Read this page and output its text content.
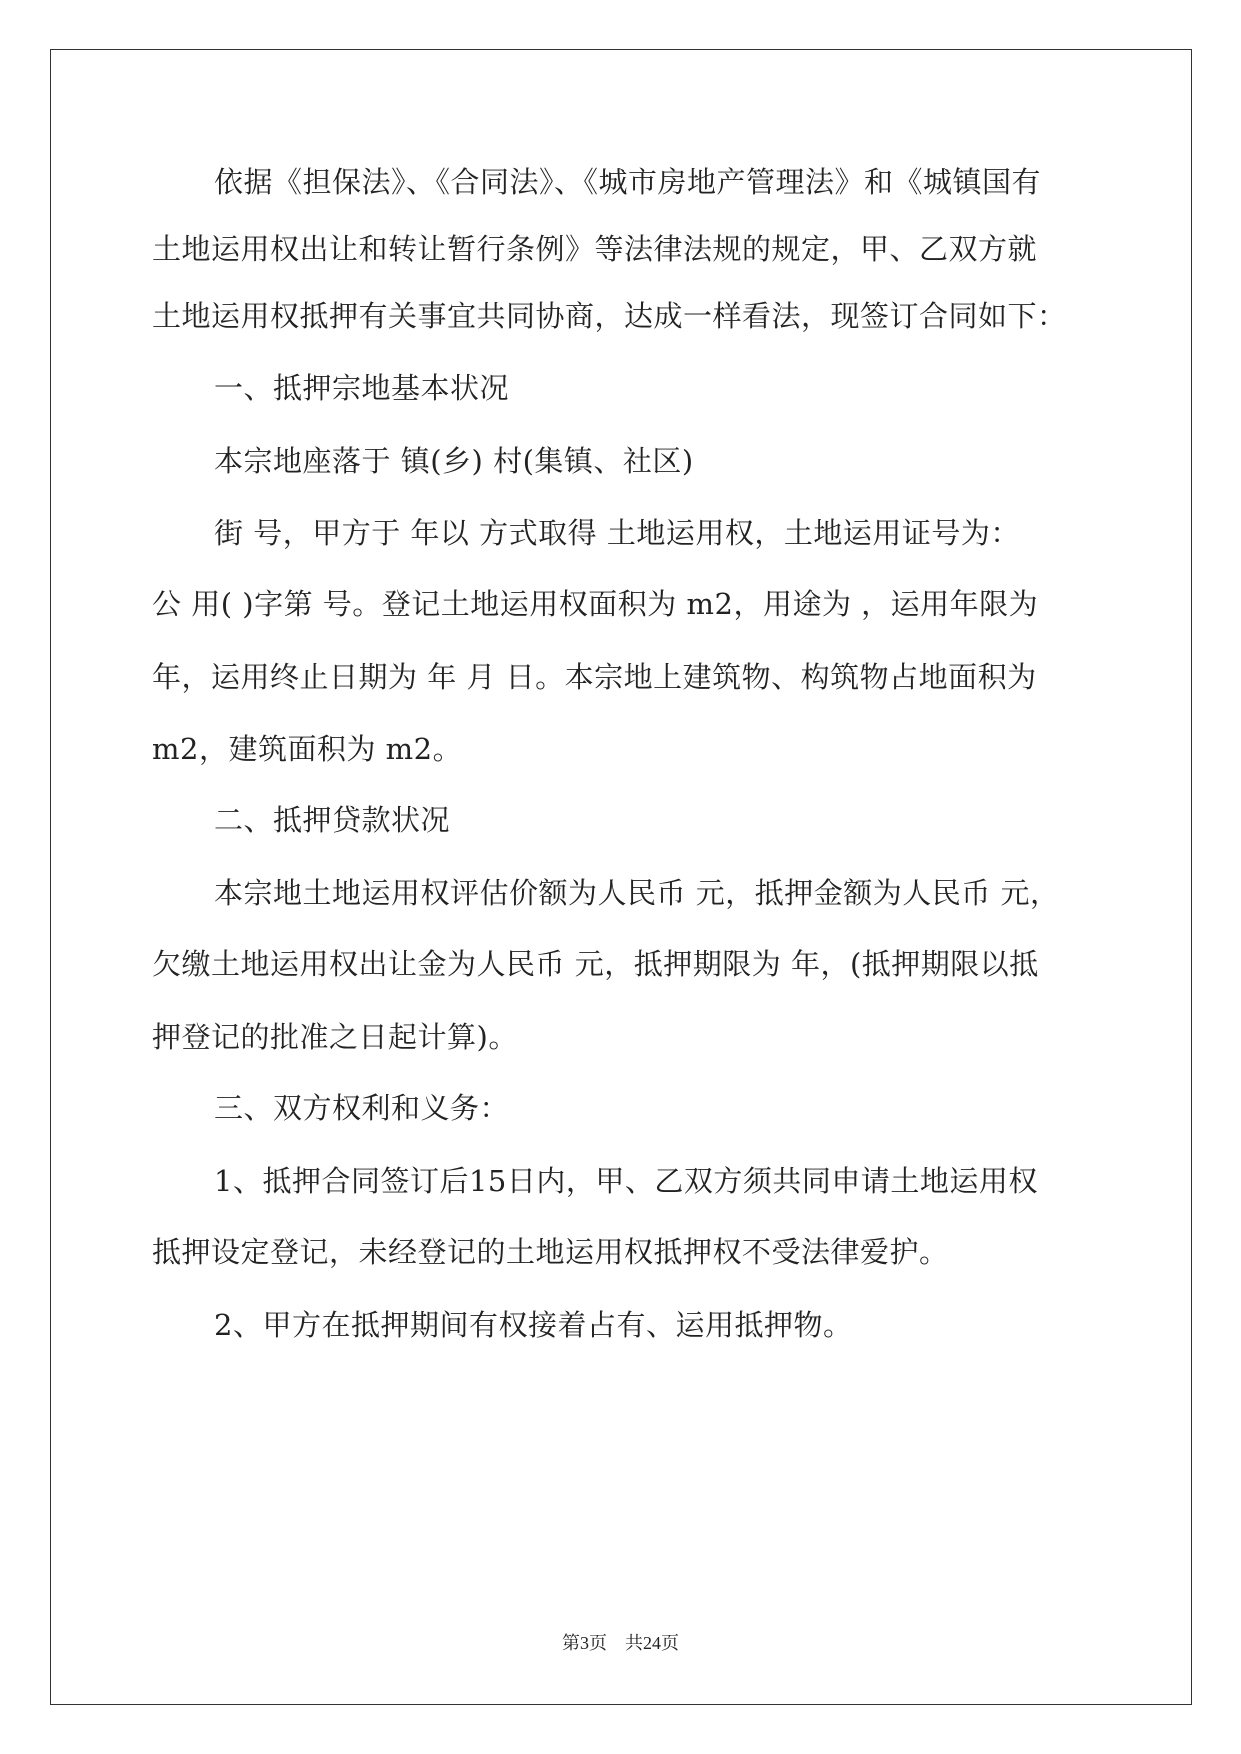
依据《担保法》、《合同法》、《城市房地产管理法》和《城镇国有
土地运用权出让和转让暂行条例》等法律法规的规定，甲、乙双方就
土地运用权抵押有关事宜共同协商，达成一样看法，现签订合同如下：
一、抵押宗地基本状况
本宗地座落于 镇(乡) 村(集镇、社区)
街 号，甲方于 年以 方式取得 土地运用权，土地运用证号为：
公 用( )字第 号。登记土地运用权面积为 m2，用途为 ，运用年限为
年，运用终止日期为 年 月 日。本宗地上建筑物、构筑物占地面积为
m2，建筑面积为 m2。
二、抵押贷款状况
本宗地土地运用权评估价额为人民币 元，抵押金额为人民币 元，
欠缴土地运用权出让金为人民币 元，抵押期限为 年，(抵押期限以抵
押登记的批准之日起计算)。
三、双方权利和义务：
1、抵押合同签订后15日内，甲、乙双方须共同申请土地运用权
抵押设定登记，未经登记的土地运用权抵押权不受法律爱护。
2、甲方在抵押期间有权接着占有、运用抵押物。
第3页　共24页
